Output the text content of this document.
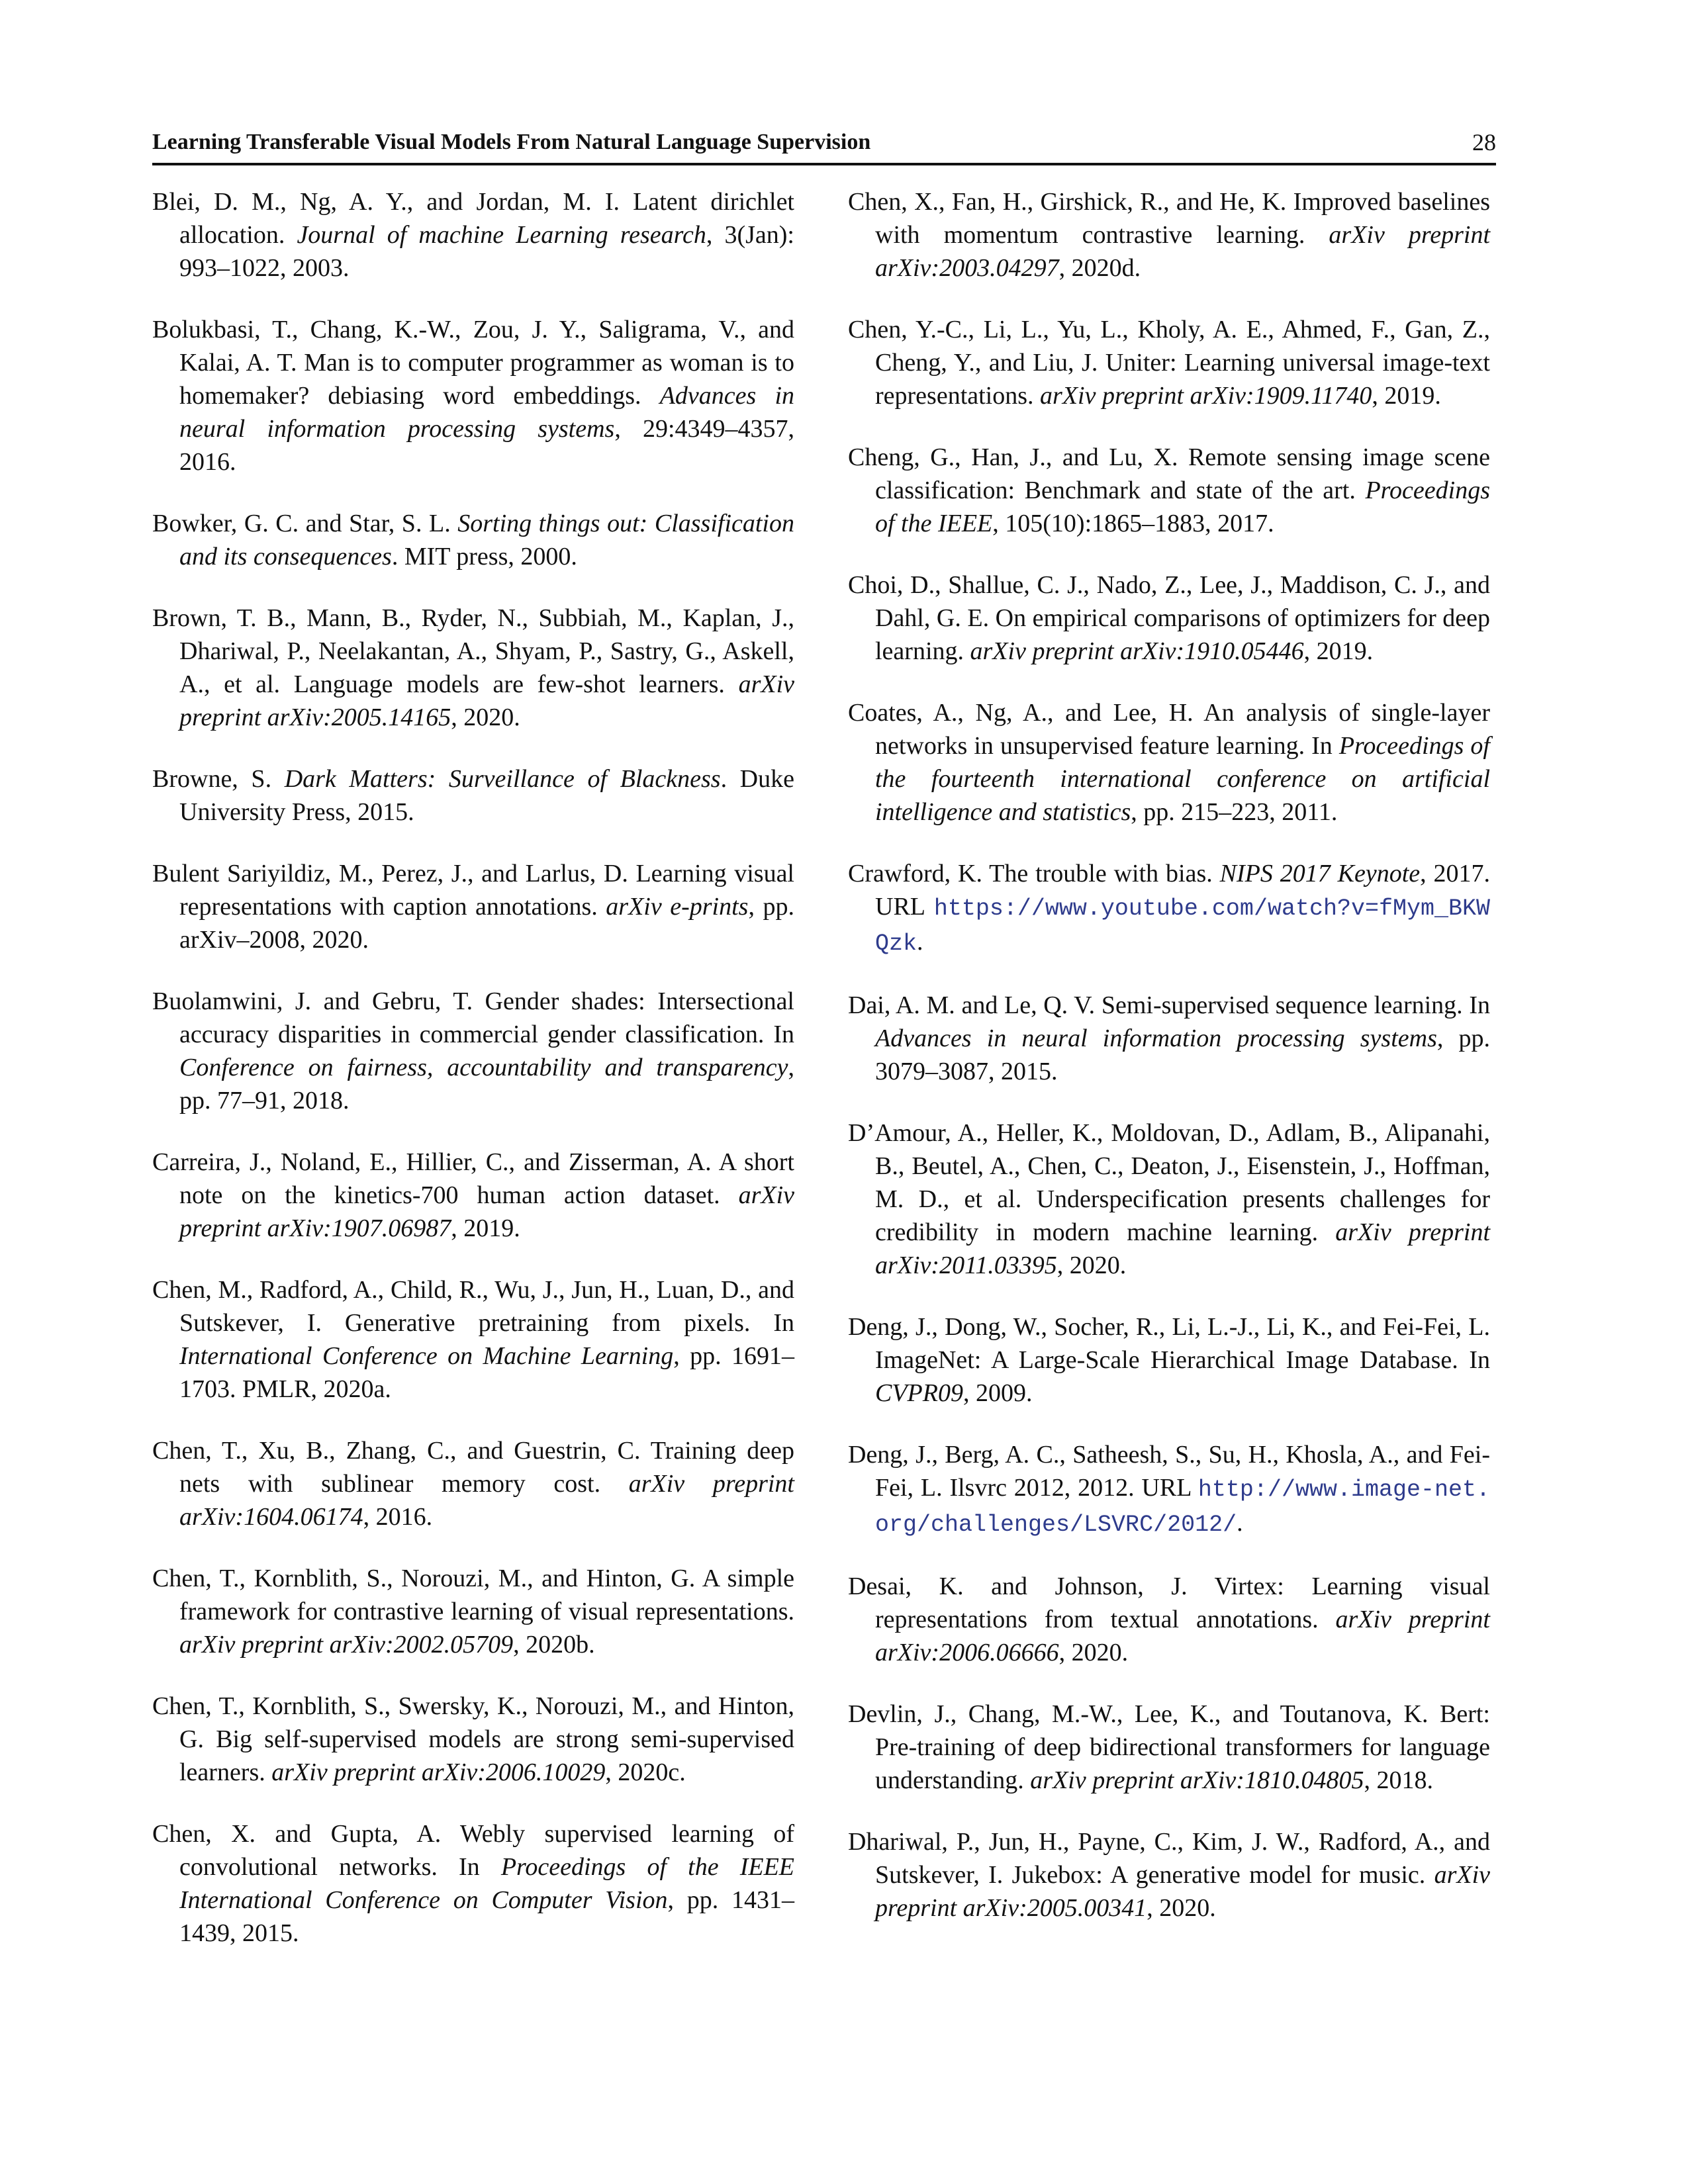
Learning Transferable Visual Models From Natural Language Supervision	28

Blei, D. M., Ng, A. Y., and Jordan, M. I. Latent dirichlet allocation. Journal of machine Learning research, 3(Jan): 993–1022, 2003.

Bolukbasi, T., Chang, K.-W., Zou, J. Y., Saligrama, V., and Kalai, A. T. Man is to computer programmer as woman is to homemaker? debiasing word embeddings. Advances in neural information processing systems, 29:4349–4357, 2016.

Bowker, G. C. and Star, S. L. Sorting things out: Classification and its consequences. MIT press, 2000.

Brown, T. B., Mann, B., Ryder, N., Subbiah, M., Kaplan, J., Dhariwal, P., Neelakantan, A., Shyam, P., Sastry, G., Askell, A., et al. Language models are few-shot learners. arXiv preprint arXiv:2005.14165, 2020.

Browne, S. Dark Matters: Surveillance of Blackness. Duke University Press, 2015.

Bulent Sariyildiz, M., Perez, J., and Larlus, D. Learning visual representations with caption annotations. arXiv e-prints, pp. arXiv–2008, 2020.

Buolamwini, J. and Gebru, T. Gender shades: Intersectional accuracy disparities in commercial gender classification. In Conference on fairness, accountability and transparency, pp. 77–91, 2018.

Carreira, J., Noland, E., Hillier, C., and Zisserman, A. A short note on the kinetics-700 human action dataset. arXiv preprint arXiv:1907.06987, 2019.

Chen, M., Radford, A., Child, R., Wu, J., Jun, H., Luan, D., and Sutskever, I. Generative pretraining from pixels. In International Conference on Machine Learning, pp. 1691–1703. PMLR, 2020a.

Chen, T., Xu, B., Zhang, C., and Guestrin, C. Training deep nets with sublinear memory cost. arXiv preprint arXiv:1604.06174, 2016.

Chen, T., Kornblith, S., Norouzi, M., and Hinton, G. A simple framework for contrastive learning of visual representations. arXiv preprint arXiv:2002.05709, 2020b.

Chen, T., Kornblith, S., Swersky, K., Norouzi, M., and Hinton, G. Big self-supervised models are strong semi-supervised learners. arXiv preprint arXiv:2006.10029, 2020c.

Chen, X. and Gupta, A. Webly supervised learning of convolutional networks. In Proceedings of the IEEE International Conference on Computer Vision, pp. 1431–1439, 2015.

Chen, X., Fan, H., Girshick, R., and He, K. Improved baselines with momentum contrastive learning. arXiv preprint arXiv:2003.04297, 2020d.

Chen, Y.-C., Li, L., Yu, L., Kholy, A. E., Ahmed, F., Gan, Z., Cheng, Y., and Liu, J. Uniter: Learning universal image-text representations. arXiv preprint arXiv:1909.11740, 2019.

Cheng, G., Han, J., and Lu, X. Remote sensing image scene classification: Benchmark and state of the art. Proceedings of the IEEE, 105(10):1865–1883, 2017.

Choi, D., Shallue, C. J., Nado, Z., Lee, J., Maddison, C. J., and Dahl, G. E. On empirical comparisons of optimizers for deep learning. arXiv preprint arXiv:1910.05446, 2019.

Coates, A., Ng, A., and Lee, H. An analysis of single-layer networks in unsupervised feature learning. In Proceedings of the fourteenth international conference on artificial intelligence and statistics, pp. 215–223, 2011.

Crawford, K. The trouble with bias. NIPS 2017 Keynote, 2017. URL https://www.youtube.com/watch?v=fMym_BKWQzk.

Dai, A. M. and Le, Q. V. Semi-supervised sequence learning. In Advances in neural information processing systems, pp. 3079–3087, 2015.

D’Amour, A., Heller, K., Moldovan, D., Adlam, B., Alipanahi, B., Beutel, A., Chen, C., Deaton, J., Eisenstein, J., Hoffman, M. D., et al. Underspecification presents challenges for credibility in modern machine learning. arXiv preprint arXiv:2011.03395, 2020.

Deng, J., Dong, W., Socher, R., Li, L.-J., Li, K., and Fei-Fei, L. ImageNet: A Large-Scale Hierarchical Image Database. In CVPR09, 2009.

Deng, J., Berg, A. C., Satheesh, S., Su, H., Khosla, A., and Fei-Fei, L. Ilsvrc 2012, 2012. URL http://www.image-net.org/challenges/LSVRC/2012/.

Desai, K. and Johnson, J. Virtex: Learning visual representations from textual annotations. arXiv preprint arXiv:2006.06666, 2020.

Devlin, J., Chang, M.-W., Lee, K., and Toutanova, K. Bert: Pre-training of deep bidirectional transformers for language understanding. arXiv preprint arXiv:1810.04805, 2018.

Dhariwal, P., Jun, H., Payne, C., Kim, J. W., Radford, A., and Sutskever, I. Jukebox: A generative model for music. arXiv preprint arXiv:2005.00341, 2020.
